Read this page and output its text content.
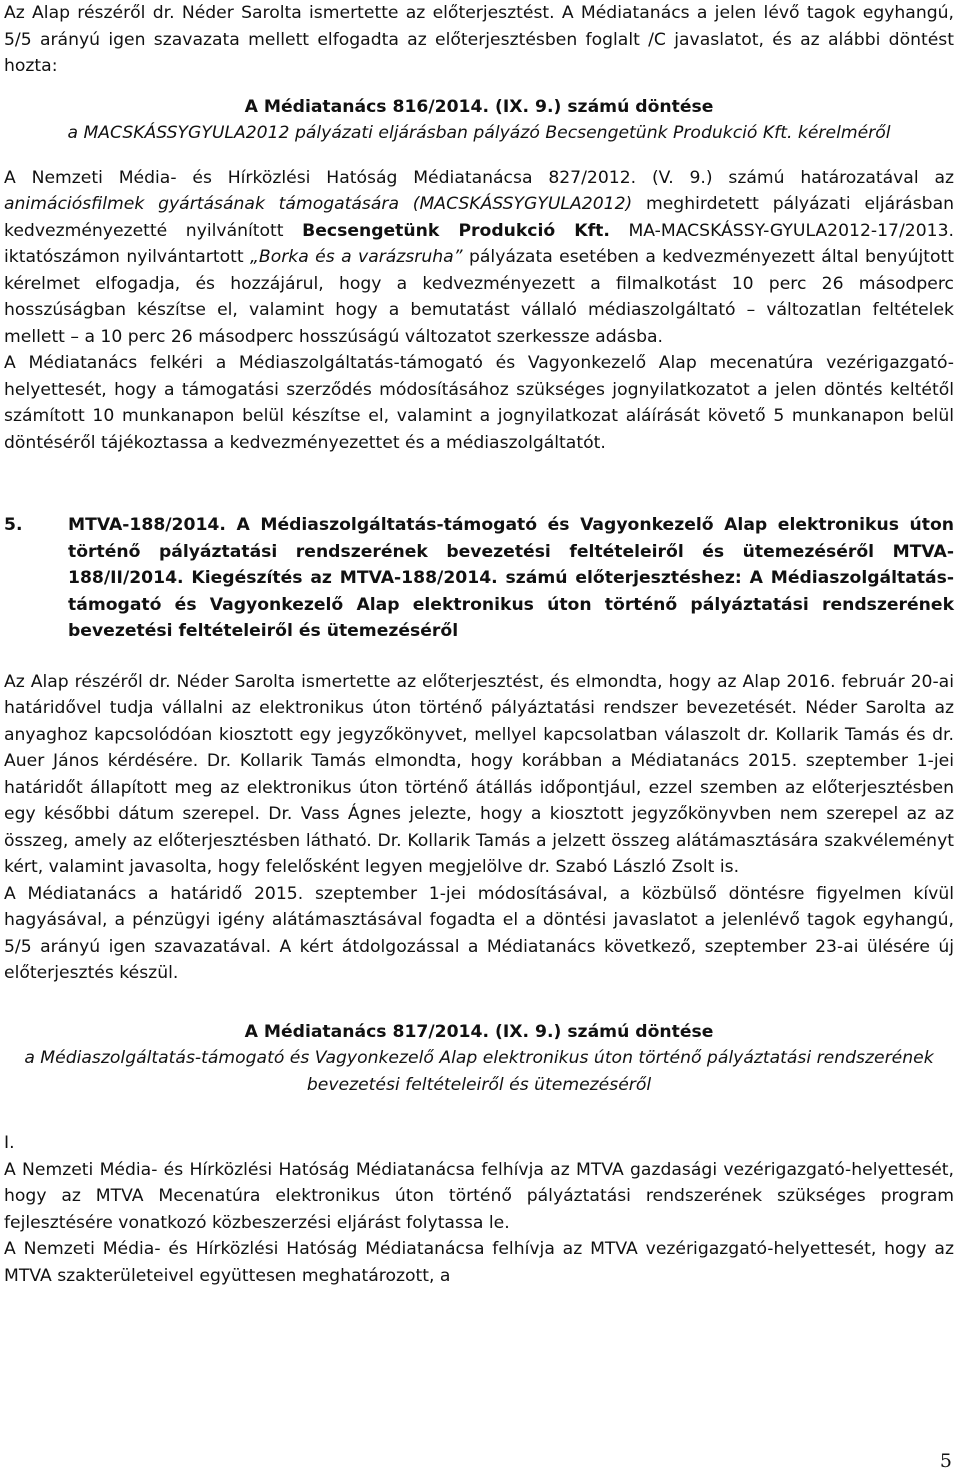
Az Alap részéről dr. Néder Sarolta ismertette az előterjesztést. A Médiatanács a jelen lévő tagok egyhangú, 5/5 arányú igen szavazata mellett elfogadta az előterjesztésben foglalt /C javaslatot, és az alábbi döntést hozta:

A Médiatanács 816/2014. (IX. 9.) számú döntése

a MACSKÁSSYGYULA2012 pályázati eljárásban pályázó Becsengetünk Produkció Kft. kérelméről

A Nemzeti Média- és Hírközlési Hatóság Médiatanácsa 827/2012. (V. 9.) számú határozatával az animációsfilmek gyártásának támogatására (MACSKÁSSYGYULA2012) meghirdetett pályázati eljárásban kedvezményezetté nyilvánított Becsengetünk Produkció Kft. MA-MACSKÁSSY-GYULA2012-17/2013. iktatószámon nyilvántartott „Borka és a varázsruha” pályázata esetében a kedvezményezett által benyújtott kérelmet elfogadja, és hozzájárul, hogy a kedvezményezett a filmalkotást 10 perc 26 másodperc hosszúságban készítse el, valamint hogy a bemutatást vállaló médiaszolgáltató – változatlan feltételek mellett – a 10 perc 26 másodperc hosszúságú változatot szerkessze adásba.

A Médiatanács felkéri a Médiaszolgáltatás-támogató és Vagyonkezelő Alap mecenatúra vezérigazgató-helyettesét, hogy a támogatási szerződés módosításához szükséges jognyilatkozatot a jelen döntés keltétől számított 10 munkanapon belül készítse el, valamint a jognyilatkozat aláírását követő 5 munkanapon belül döntéséről tájékoztassa a kedvezményezettet és a médiaszolgáltatót.

5.	MTVA-188/2014. A Médiaszolgáltatás-támogató és Vagyonkezelő Alap elektronikus úton történő pályáztatási rendszerének bevezetési feltételeiről és ütemezéséről MTVA-188/II/2014. Kiegészítés az MTVA-188/2014. számú előterjesztéshez: A Médiaszolgáltatás-támogató és Vagyonkezelő Alap elektronikus úton történő pályáztatási rendszerének bevezetési feltételeiről és ütemezéséről

Az Alap részéről dr. Néder Sarolta ismertette az előterjesztést, és elmondta, hogy az Alap 2016. február 20-ai határidővel tudja vállalni az elektronikus úton történő pályáztatási rendszer bevezetését. Néder Sarolta az anyaghoz kapcsolódóan kiosztott egy jegyzőkönyvet, mellyel kapcsolatban válaszolt dr. Kollarik Tamás és dr. Auer János kérdésére. Dr. Kollarik Tamás elmondta, hogy korábban a Médiatanács 2015. szeptember 1-jei határidőt állapított meg az elektronikus úton történő átállás időpontjául, ezzel szemben az előterjesztésben egy későbbi dátum szerepel. Dr. Vass Ágnes jelezte, hogy a kiosztott jegyzőkönyvben nem szerepel az az összeg, amely az előterjesztésben látható. Dr. Kollarik Tamás a jelzett összeg alátámasztására szakvéleményt kért, valamint javasolta, hogy felelősként legyen megjelölve dr. Szabó László Zsolt is.

A Médiatanács a határidő 2015. szeptember 1-jei módosításával, a közbülső döntésre figyelmen kívül hagyásával, a pénzügyi igény alátámasztásával fogadta el a döntési javaslatot a jelenlévő tagok egyhangú, 5/5 arányú igen szavazatával. A kért átdolgozással a Médiatanács következő, szeptember 23-ai ülésére új előterjesztés készül.

A Médiatanács 817/2014. (IX. 9.) számú döntése

a Médiaszolgáltatás-támogató és Vagyonkezelő Alap elektronikus úton történő pályáztatási rendszerének bevezetési feltételeiről és ütemezéséről

I.

A Nemzeti Média- és Hírközlési Hatóság Médiatanácsa felhívja az MTVA gazdasági vezérigazgató-helyettesét, hogy az MTVA Mecenatúra elektronikus úton történő pályáztatási rendszerének szükséges program fejlesztésére vonatkozó közbeszerzési eljárást folytassa le.

A Nemzeti Média- és Hírközlési Hatóság Médiatanácsa felhívja az MTVA vezérigazgató-helyettesét, hogy az MTVA szakterületeivel együttesen meghatározott, a

5
